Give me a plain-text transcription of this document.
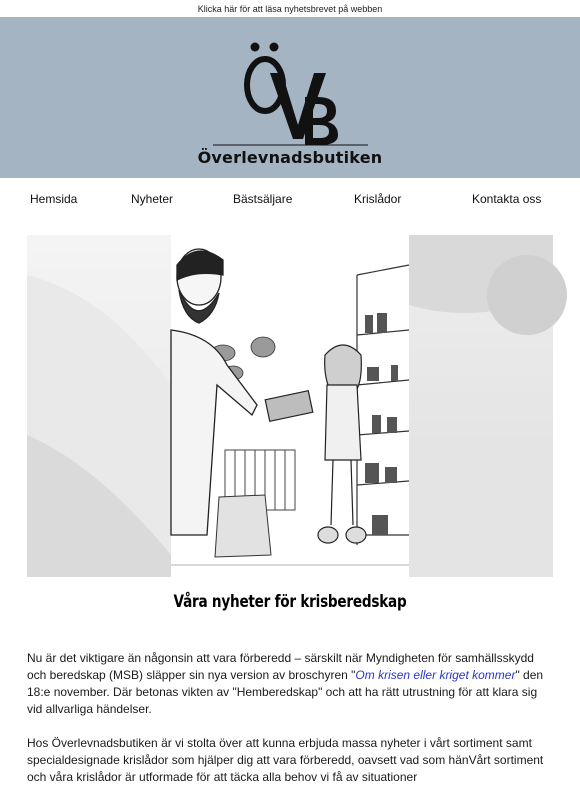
Klicka här för att läsa nyhetsbrevet på webben
Överlevnadsbutiken
Hemsida	Nyheter	Bästsäljare	Krislådor	Kontakta oss
Våra nyheter för krisberedskap

Nu är det viktigare än någonsin att vara förberedd – särskilt när Myndigheten för samhällsskydd och beredskap (MSB) släpper sin nya version av broschyren "Om krisen eller kriget kommer" den 18:e november. Där betonas vikten av "Hemberedskap" och att ha rätt utrustning för att klara sig vid allvarliga händelser.

Hos Överlevnadsbutiken är vi stolta över att kunna erbjuda massa nyheter i vårt sortiment samt specialdesignade krislådor som hjälper dig att vara förberedd, oavsett vad som hänVårt sortiment och våra krislådor är utformade för att täcka alla behov vi få av situationer
